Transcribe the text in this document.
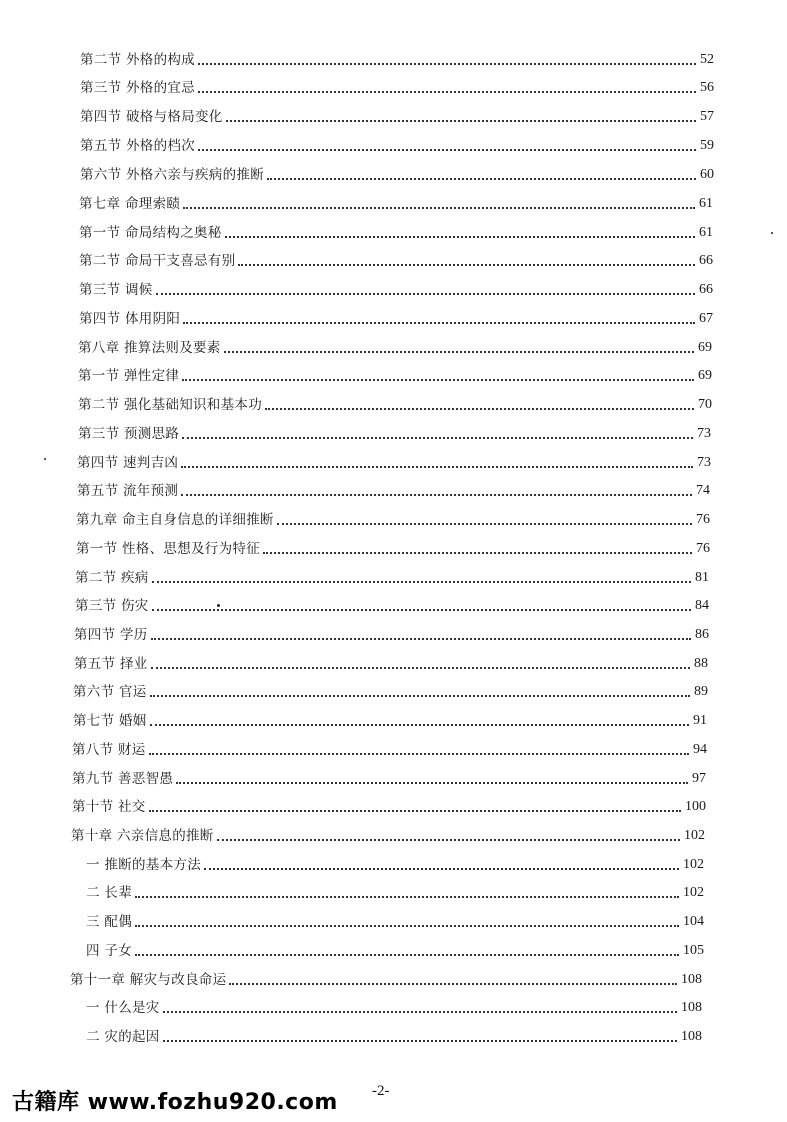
第二节 外格的构成	52
第三节 外格的宜忌	56
第四节 破格与格局变化	57
第五节 外格的档次	59
第六节 外格六亲与疾病的推断	60
第七章 命理索赜	61
第一节 命局结构之奥秘	61
第二节 命局干支喜忌有别	66
第三节 调候	66
第四节 体用阴阳	67
第八章 推算法则及要素	69
第一节 弹性定律	69
第二节 强化基础知识和基本功	70
第三节 预测思路	73
第四节 速判吉凶	73
第五节 流年预测	74
第九章 命主自身信息的详细推断	76
第一节 性格、思想及行为特征	76
第二节 疾病	81
第三节 伤灾	84
第四节 学历	86
第五节 择业	88
第六节 官运	89
第七节 婚姻	91
第八节 财运	94
第九节 善恶智愚	97
第十节 社交	100
第十章 六亲信息的推断	102
一 推断的基本方法	102
二 长辈	102
三 配偶	104
四 子女	105
第十一章 解灾与改良命运	108
一 什么是灾	108
二 灾的起因	108
-2-
古籍库 www.fozhu920.com
